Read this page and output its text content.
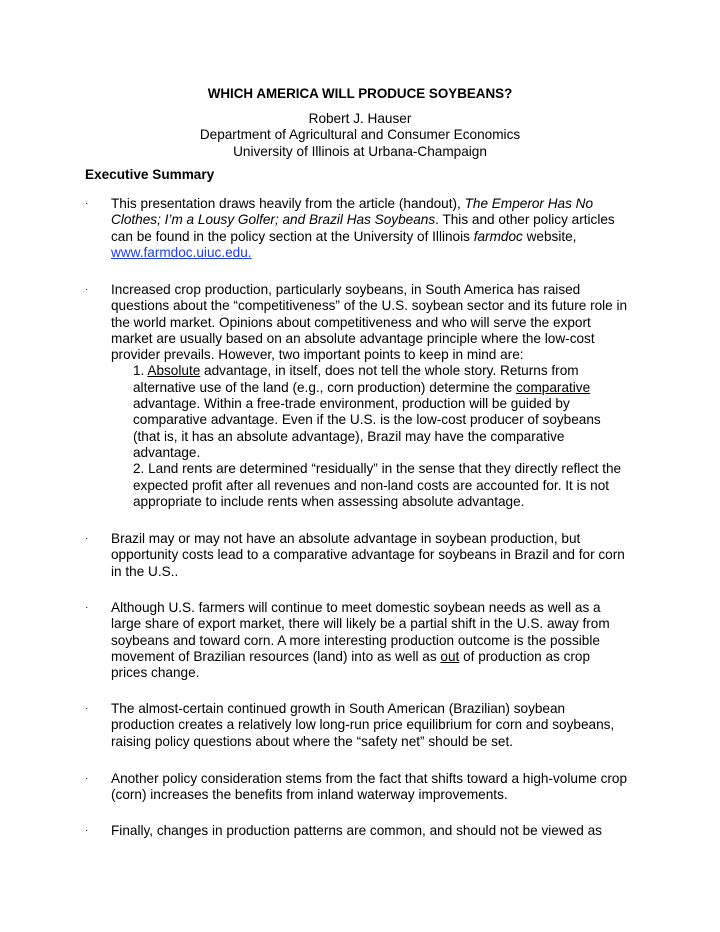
WHICH AMERICA WILL PRODUCE SOYBEANS?
Robert J. Hauser
Department of Agricultural and Consumer Economics
University of Illinois at Urbana-Champaign
Executive Summary
·	This presentation draws heavily from the article (handout), The Emperor Has No Clothes; I’m a Lousy Golfer; and Brazil Has Soybeans. This and other policy articles can be found in the policy section at the University of Illinois farmdoc website, www.farmdoc.uiuc.edu.
·	Increased crop production, particularly soybeans, in South America has raised questions about the “competitiveness” of the U.S. soybean sector and its future role in the world market. Opinions about competitiveness and who will serve the export market are usually based on an absolute advantage principle where the low-cost provider prevails. However, two important points to keep in mind are:
1. Absolute advantage, in itself, does not tell the whole story. Returns from alternative use of the land (e.g., corn production) determine the comparative advantage. Within a free-trade environment, production will be guided by comparative advantage. Even if the U.S. is the low-cost producer of soybeans (that is, it has an absolute advantage), Brazil may have the comparative advantage.
2. Land rents are determined “residually” in the sense that they directly reflect the expected profit after all revenues and non-land costs are accounted for. It is not appropriate to include rents when assessing absolute advantage.
·	Brazil may or may not have an absolute advantage in soybean production, but opportunity costs lead to a comparative advantage for soybeans in Brazil and for corn in the U.S..
·	Although U.S. farmers will continue to meet domestic soybean needs as well as a large share of export market, there will likely be a partial shift in the U.S. away from soybeans and toward corn. A more interesting production outcome is the possible movement of Brazilian resources (land) into as well as out of production as crop prices change.
·	The almost-certain continued growth in South American (Brazilian) soybean production creates a relatively low long-run price equilibrium for corn and soybeans, raising policy questions about where the “safety net” should be set.
·	Another policy consideration stems from the fact that shifts toward a high-volume crop (corn) increases the benefits from inland waterway improvements.
·	Finally, changes in production patterns are common, and should not be viewed as
